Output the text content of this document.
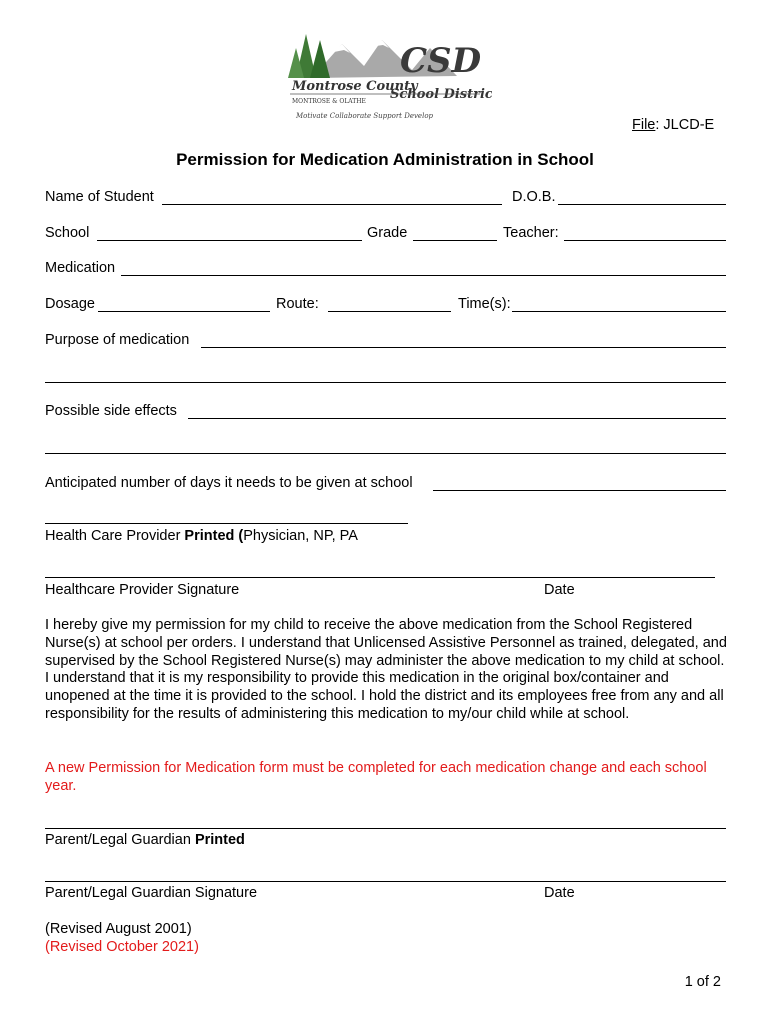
CSD
Montrose County
MONTROSE & OLATHE School District
Motivate Collaborate Support Develop
File: JLCD-E
Permission for Medication Administration in School
Name of Student	D.O.B.
School	Grade	Teacher:
Medication
Dosage	Route:	Time(s):
Purpose of medication
Possible side effects
Anticipated number of days it needs to be given at school
Health Care Provider Printed (Physician, NP, PA
Healthcare Provider Signature	Date
I hereby give my permission for my child to receive the above medication from the School Registered Nurse(s) at school per orders. I understand that Unlicensed Assistive Personnel as trained, delegated, and supervised by the School Registered Nurse(s) may administer the above medication to my child at school. I understand that it is my responsibility to provide this medication in the original box/container and unopened at the time it is provided to the school. I hold the district and its employees free from any and all responsibility for the results of administering this medication to my/our child while at school.
A new Permission for Medication form must be completed for each medication change and each school year.
Parent/Legal Guardian Printed
Parent/Legal Guardian Signature	Date
(Revised August 2001)
(Revised October 2021)
1 of 2
